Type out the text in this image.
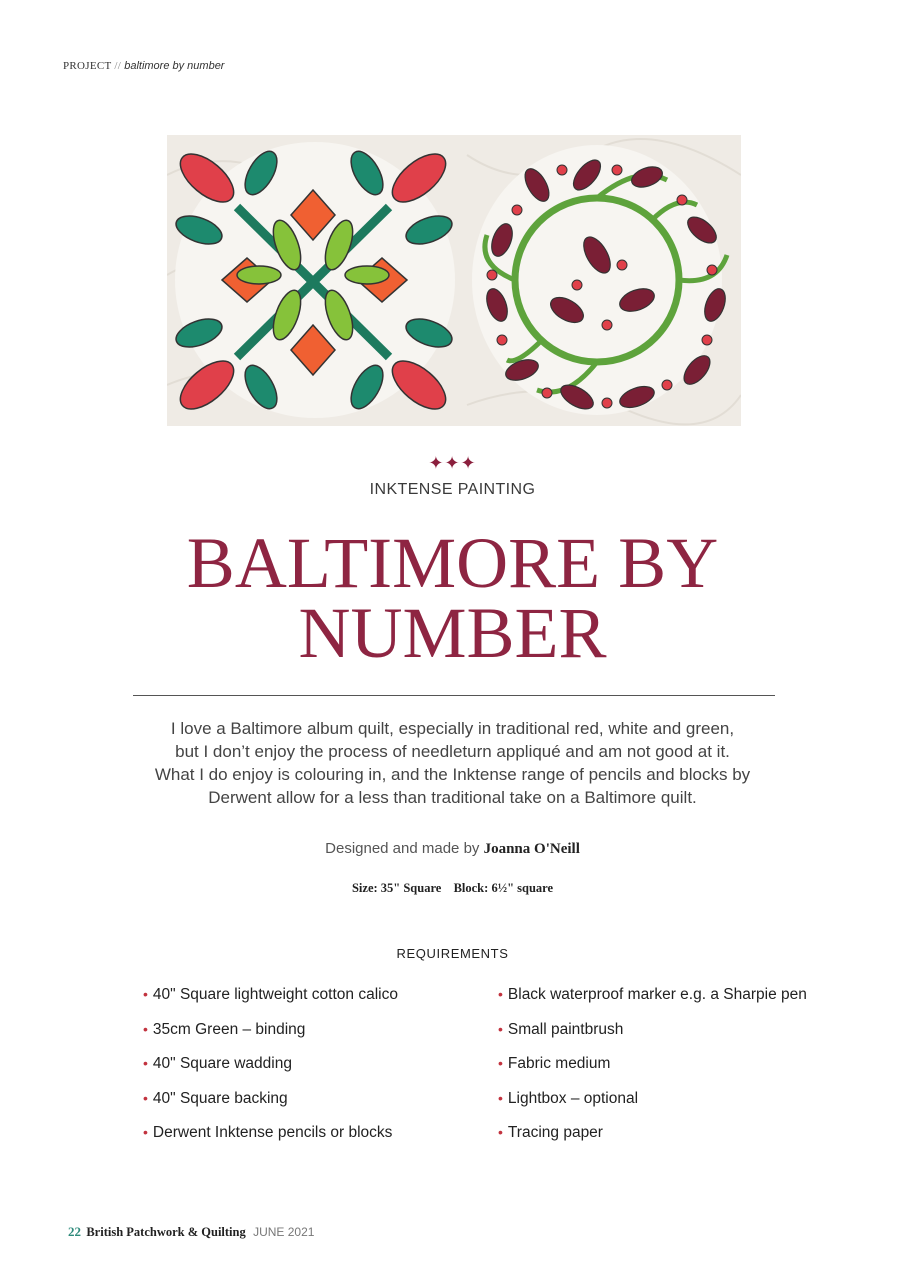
PROJECT // baltimore by number
✦✦✦
INKTENSE PAINTING
BALTIMORE BY
NUMBER

I love a Baltimore album quilt, especially in traditional red, white and green,
but I don’t enjoy the process of needleturn appliqué and am not good at it.
What I do enjoy is colouring in, and the Inktense range of pencils and blocks by
Derwent allow for a less than traditional take on a Baltimore quilt.

Designed and made by Joanna O'Neill
Size: 35" Square Block: 6½" square
REQUIREMENTS
• 40" Square lightweight cotton calico
• 35cm Green – binding
• 40" Square wadding
• 40" Square backing
• Derwent Inktense pencils or blocks
• Black waterproof marker e.g. a Sharpie pen
• Small paintbrush
• Fabric medium
• Lightbox – optional
• Tracing paper
22 British Patchwork & Quilting JUNE 2021
